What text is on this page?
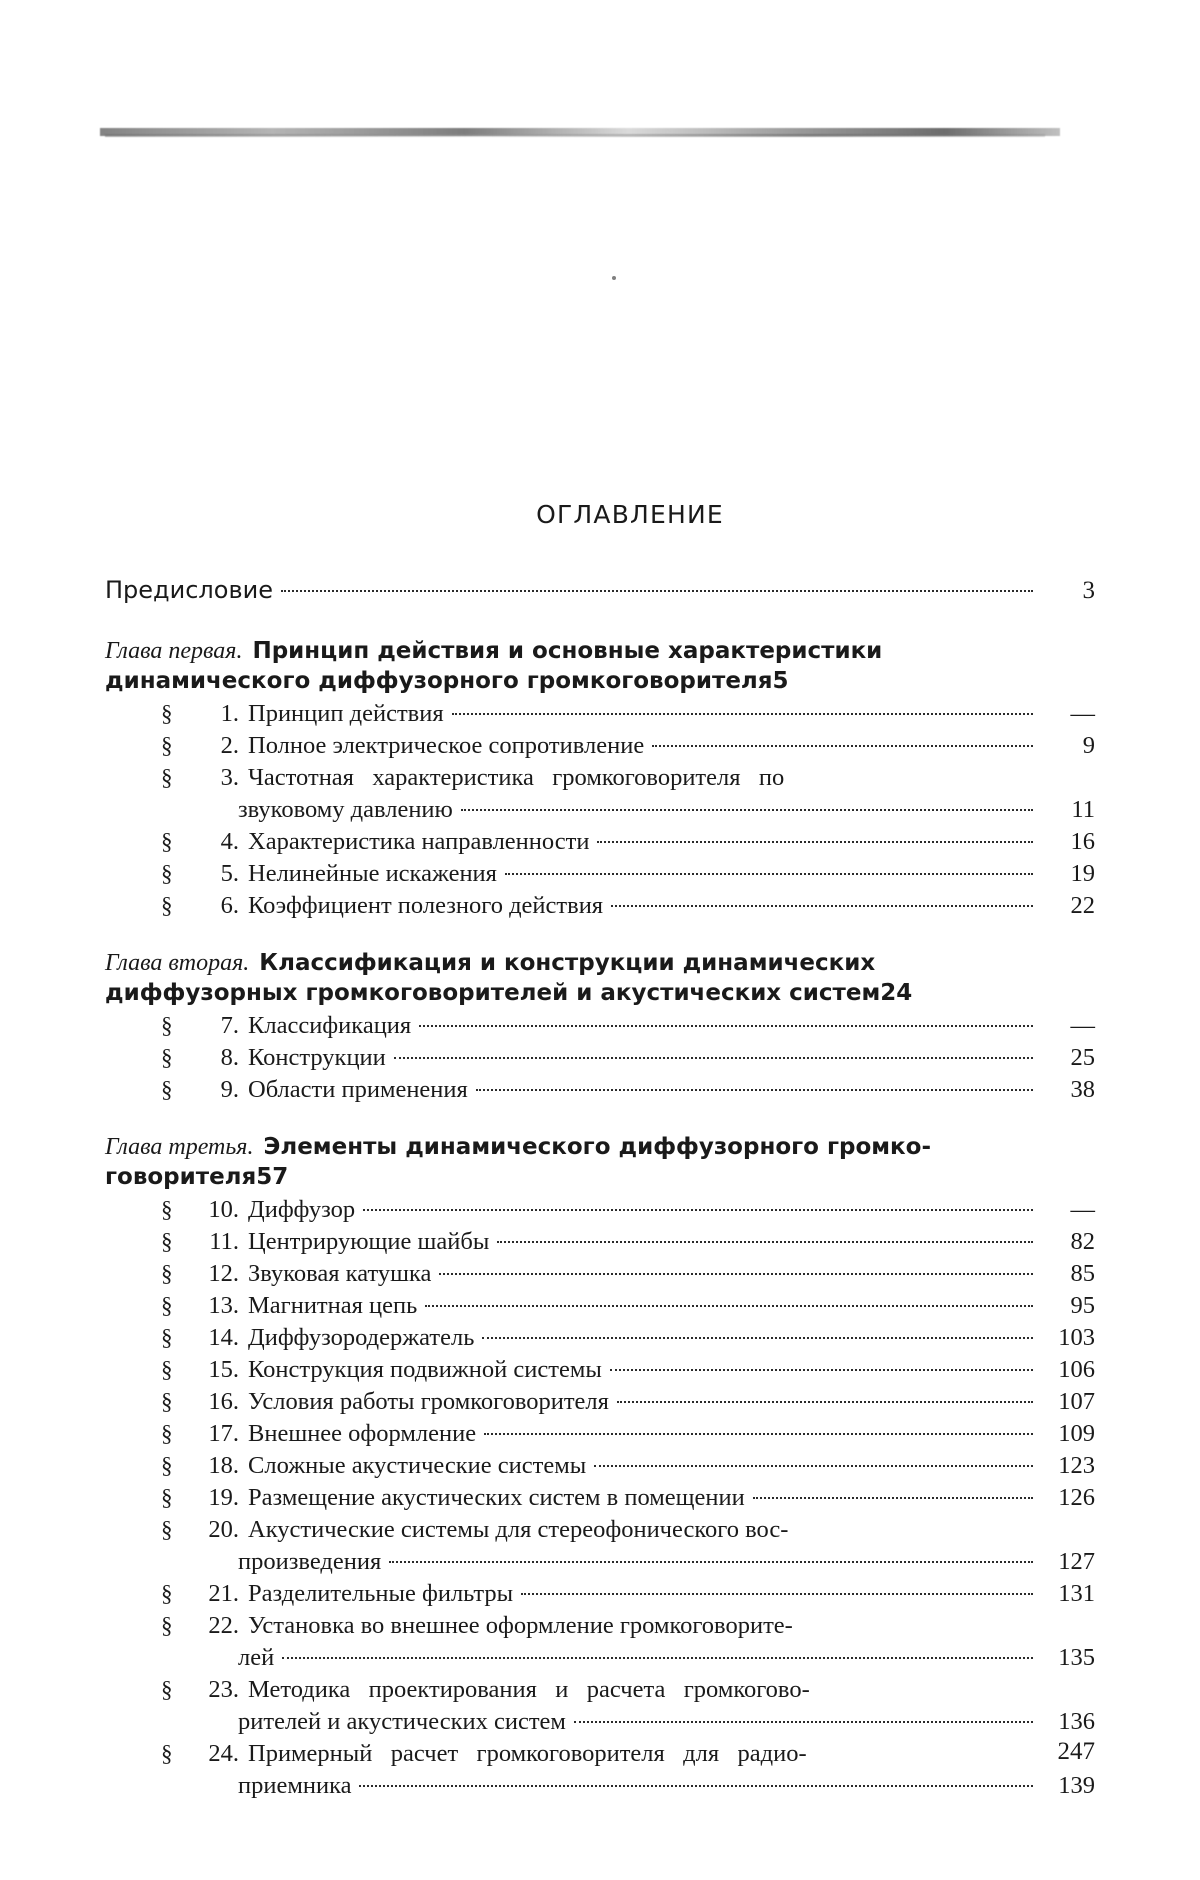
ОГЛАВЛЕНИЕ
Предисловие	3
Глава первая. Принцип действия и основные характеристики
динамического диффузорного громкоговорителя 5
§	1. Принцип действия	—
§	2. Полное электрическое сопротивление	9
§	3. Частотная   характеристика   громкоговорителя   по
звуковому давлению	11
§	4. Характеристика направленности	16
§	5. Нелинейные искажения	19
§	6. Коэффициент полезного действия	22
Глава вторая. Классификация и конструкции динамических
диффузорных громкоговорителей и акустических систем 24
§	7. Классификация	—
§	8. Конструкции	25
§	9. Области применения	38
Глава третья. Элементы динамического диффузорного громко-
говорителя 57
§	10. Диффузор	—
§	11. Центрирующие шайбы	82
§	12. Звуковая катушка	85
§	13. Магнитная цепь	95
§	14. Диффузородержатель	103
§	15. Конструкция подвижной системы	106
§	16. Условия работы громкоговорителя	107
§	17. Внешнее оформление	109
§	18. Сложные акустические системы	123
§	19. Размещение акустических систем в помещении	126
§	20. Акустические системы для стереофонического вос-
произведения	127
§	21. Разделительные фильтры	131
§	22. Установка во внешнее оформление громкоговорите-
лей	135
§	23. Методика   проектирования   и   расчета   громкогово-
рителей и акустических систем	136
§	24. Примерный   расчет   громкоговорителя   для   радио-
приемника	139
247
